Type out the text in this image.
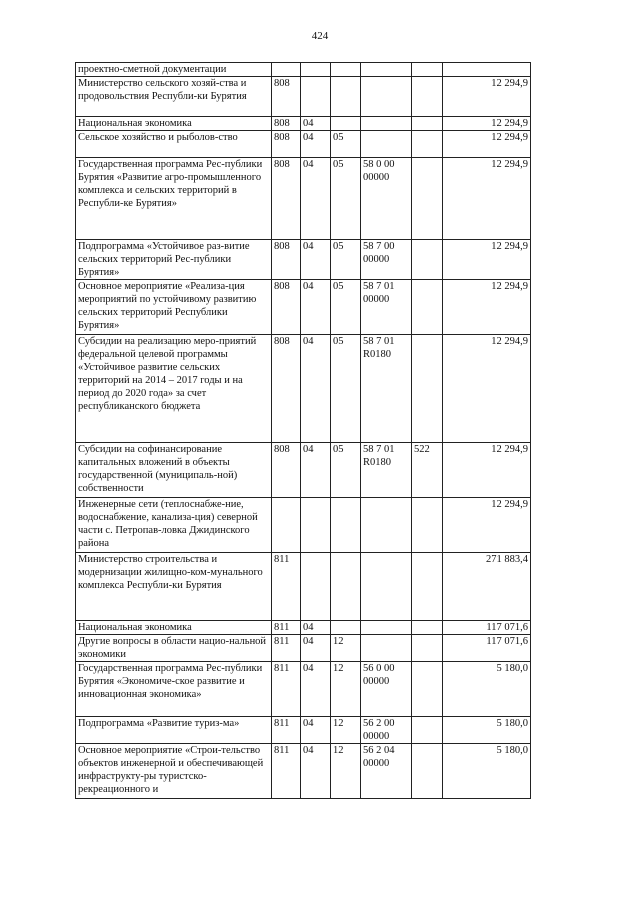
424
проектно-сметной документации						
Министерство сельского хозяй-ства и продовольствия Республи-ки Бурятия	808					12 294,9
Национальная экономика	808	04				12 294,9
Сельское хозяйство и рыболов-ство	808	04	05			12 294,9
Государственная программа Рес-публики Бурятия «Развитие агро-промышленного комплекса и сельских территорий в Республи-ке Бурятия»	808	04	05	58 0 00 00000		12 294,9
Подпрограмма «Устойчивое раз-витие сельских территорий Рес-публики Бурятия»	808	04	05	58 7 00 00000		12 294,9
Основное мероприятие «Реализа-ция мероприятий по устойчивому развитию сельских территорий Республики Бурятия»	808	04	05	58 7 01 00000		12 294,9
Субсидии на реализацию меро-приятий федеральной целевой программы «Устойчивое развитие сельских территорий на 2014 – 2017 годы и на период до 2020 года» за счет республиканского бюджета	808	04	05	58 7 01 R0180		12 294,9
Субсидии на софинансирование капитальных вложений в объекты государственной (муниципаль-ной) собственности	808	04	05	58 7 01 R0180	522	12 294,9
Инженерные сети (теплоснабже-ние, водоснабжение, канализа-ция) северной части с. Петропав-ловка Джидинского района						12 294,9
Министерство строительства и модернизации жилищно-ком-мунального комплекса Республи-ки Бурятия	811					271 883,4
Национальная экономика	811	04				117 071,6
Другие вопросы в области нацио-нальной экономики	811	04	12			117 071,6
Государственная программа Рес-публики Бурятия «Экономиче-ское развитие и инновационная экономика»	811	04	12	56 0 00 00000		5 180,0
Подпрограмма «Развитие туриз-ма»	811	04	12	56 2 00 00000		5 180,0
Основное мероприятие «Строи-тельство объектов инженерной и обеспечивающей инфраструкту-ры туристско-рекреационного и	811	04	12	56 2 04 00000		5 180,0
